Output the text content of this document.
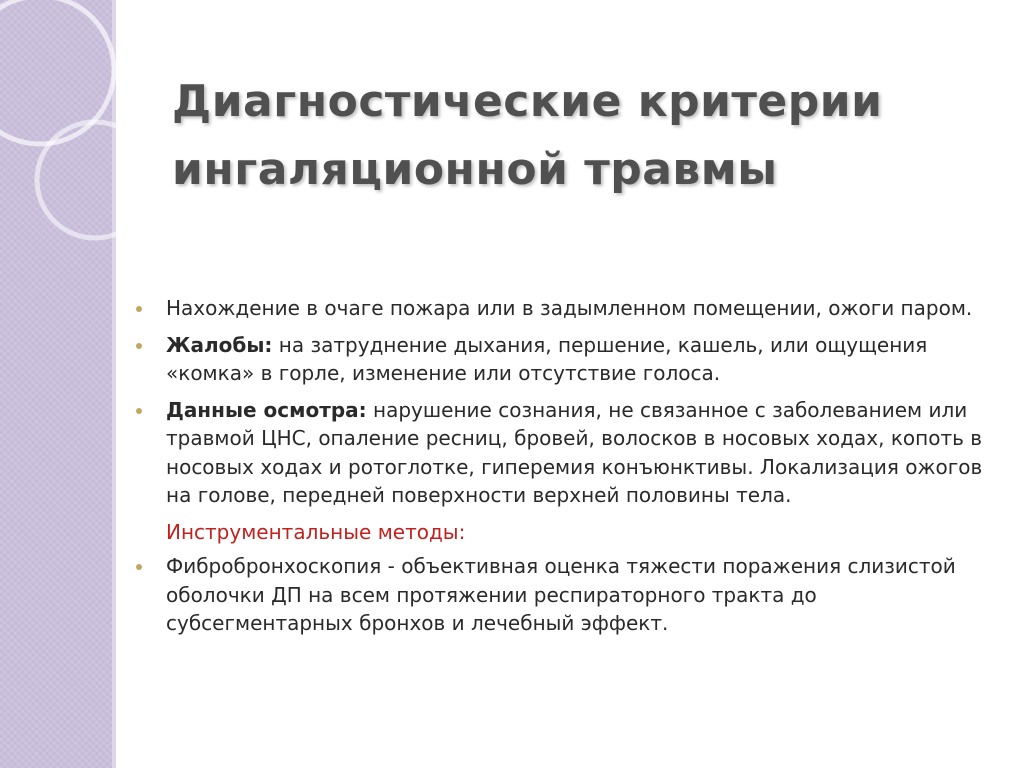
Диагностические критерии
ингаляционной травмы
Нахождение в очаге пожара или в задымленном помещении, ожоги паром.
Жалобы: на затруднение дыхания, першение, кашель, или ощущения «комка» в горле, изменение или отсутствие голоса.
Данные осмотра: нарушение сознания, не связанное с заболеванием или травмой ЦНС, опаление ресниц, бровей, волосков в носовых ходах, копоть в носовых ходах и ротоглотке, гиперемия конъюнктивы. Локализация ожогов на голове, передней поверхности верхней половины тела.
Инструментальные методы:
Фибробронхоскопия - объективная оценка тяжести поражения слизистой оболочки ДП на всем протяжении респираторного тракта до субсегментарных бронхов и лечебный эффект.
